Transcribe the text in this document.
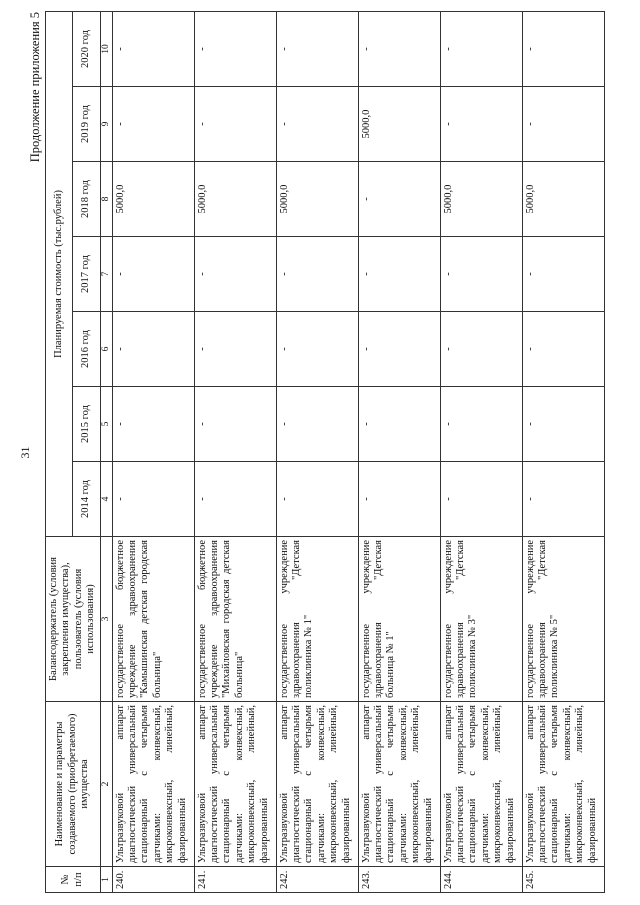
31
Продолжение приложения 5
№ п/п	Наименование и параметры создаваемого (приобретаемого) имущества	Балансодержатель (условия закрепления имущества), пользователь (условия использования)	Планируемая стоимость (тыс.рублей)						
			2014 год	2015 год	2016 год	2017 год	2018 год	2019 год	2020 год
1	2	3	4	5	6	7	8	9	10
240.	Ультразвуковой аппарат диагностический универсальный стационарный с четырьмя датчиками: конвексный, микроконвексный, линейный, фазированный	государственное бюджетное учреждение здравоохранения "Камышинская детская городская больница"	-	-	-	-	5000,0	-	-
241.	Ультразвуковой аппарат диагностический универсальный стационарный с четырьмя датчиками: конвексный, микроконвексный, линейный, фазированный	государственное бюджетное учреждение здравоохранения "Михайловская городская детская больница"	-	-	-	-	5000,0	-	-
242.	Ультразвуковой аппарат диагностический универсальный стационарный с четырьмя датчиками: конвексный, микроконвексный, линейный, фазированный	государственное учреждение здравоохранения "Детская поликлиника № 1"	-	-	-	-	5000,0	-	-
243.	Ультразвуковой аппарат диагностический универсальный стационарный с четырьмя датчиками: конвексный, микроконвексный, линейный, фазированный	государственное учреждение здравоохранения "Детская больница № 1"	-	-	-	-	-	5000,0	-
244.	Ультразвуковой аппарат диагностический универсальный стационарный с четырьмя датчиками: конвексный, микроконвексный, линейный, фазированный	государственное учреждение здравоохранения "Детская поликлиника № 3"	-	-	-	-	5000,0	-	-
245.	Ультразвуковой аппарат диагностический универсальный стационарный с четырьмя датчиками: конвексный, микроконвексный, линейный, фазированный	государственное учреждение здравоохранения "Детская поликлиника № 5"	-	-	-	-	5000,0	-	-
